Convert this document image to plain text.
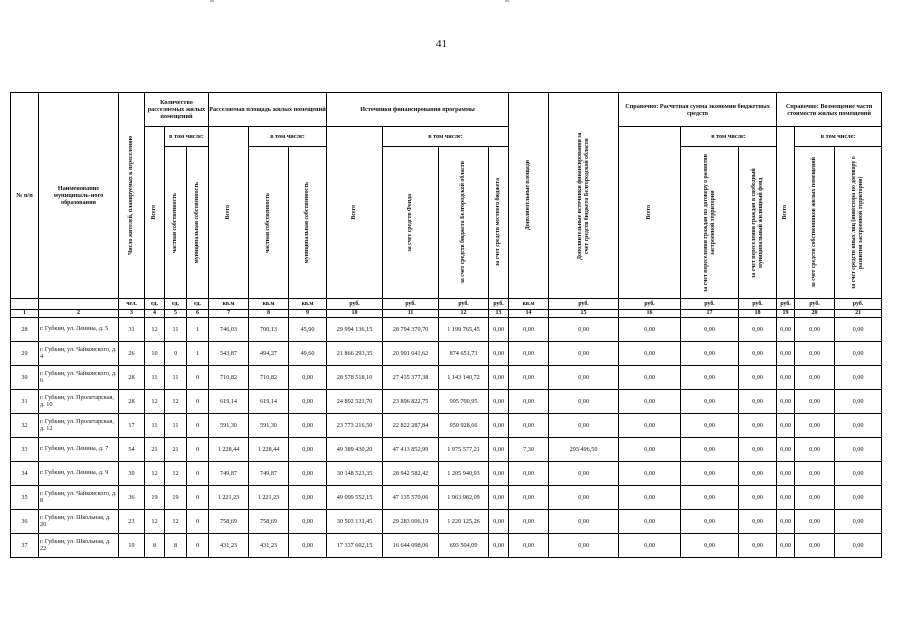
41
№ п/п	Наименование муниципаль-ного образования	Число жителей, планируемых к переселению	Количество расселяемых жилых помещений			Расселяемая площадь жилых помещений			Источники финансирования программы				Дополнительные площади	Дополнительные источники финансирования за счет средств бюджета Белгородской области	Справочно: Расчетная сумма экономии бюджетных средств			Справочно: Возмещение части стоимости жилых помещений		

			Всего	в том числе:		Всего	в том числе:		Всего	в том числе:					Всего	в том числе:		Всего	в том числе:	

				частная собственность	муниципальная собственность		частная собственность	муниципальная собственность		за счет средств Фонда	за счет средств бюджета Белгородской области	за счет средств местного бюджета				за счет переселения граждан по договору о развитии застроенной территории	за счет переселения граждан в свободный муниципальный жилищный фонд		за счет средств собственников жилых помещений	за счет средств иных лиц (инвестора по договору о развитии застроенной территории)

		чел.	ед.	ед.	ед.	кв.м	кв.м	кв.м	руб.	руб.	руб.	руб.	кв.м	руб.	руб.	руб.	руб.	руб.	руб.	руб.
1	2	3	4	5	6	7	8	9	10	11	12	13	14	15	16	17	18	19	20	21
28	г. Губкин, ул. Ленина, д. 5	31	12	11	1	746,03	700,13	45,90	29 994 136,15	28 794 370,70	1 199 765,45	0,00	0,00	0,00	0,00	0,00	0,00	0,00	0,00	0,00
29	г. Губкин, ул. Чайковского, д. 4	26	10	9	1	543,87	494,27	49,60	21 866 293,35	20 991 641,62	874 651,73	0,00	0,00	0,00	0,00	0,00	0,00	0,00	0,00	0,00
30	г. Губкин, ул. Чайковского, д. 6	28	11	11	0	710,82	710,82	0,00	28 578 518,10	27 435 377,38	1 143 140,72	0,00	0,00	0,00	0,00	0,00	0,00	0,00	0,00	0,00
31	г. Губкин, ул. Пролетарская, д. 10	28	12	12	0	619,14	619,14	0,00	24 892 523,70	23 896 822,75	995 700,95	0,00	0,00	0,00	0,00	0,00	0,00	0,00	0,00	0,00
32	г. Губкин, ул. Пролетарская, д. 12	17	11	11	0	591,30	591,30	0,00	23 773 216,50	22 822 287,84	950 928,66	0,00	0,00	0,00	0,00	0,00	0,00	0,00	0,00	0,00
33	г. Губкин, ул. Ленина, д. 7	54	21	21	0	1 228,44	1 228,44	0,00	49 389 430,20	47 413 852,99	1 975 577,21	0,00	7,30	293 496,50	0,00	0,00	0,00	0,00	0,00	0,00
34	г. Губкин, ул. Ленина, д. 9	30	12	12	0	749,87	749,87	0,00	30 148 523,35	28 942 582,42	1 205 940,93	0,00	0,00	0,00	0,00	0,00	0,00	0,00	0,00	0,00
35	г. Губкин, ул. Чайковского, д. 8	36	19	19	0	1 221,23	1 221,23	0,00	49 099 552,15	47 135 570,06	1 963 982,09	0,00	0,00	0,00	0,00	0,00	0,00	0,00	0,00	0,00
36	г. Губкин, ул. Школьная, д. 20	23	12	12	0	758,69	758,69	0,00	30 503 131,45	29 283 006,19	1 220 125,26	0,00	0,00	0,00	0,00	0,00	0,00	0,00	0,00	0,00
37	г. Губкин, ул. Школьная, д. 22	19	8	8	0	431,23	431,23	0,00	17 337 602,15	16 644 098,06	693 504,09	0,00	0,00	0,00	0,00	0,00	0,00	0,00	0,00	0,00
·
